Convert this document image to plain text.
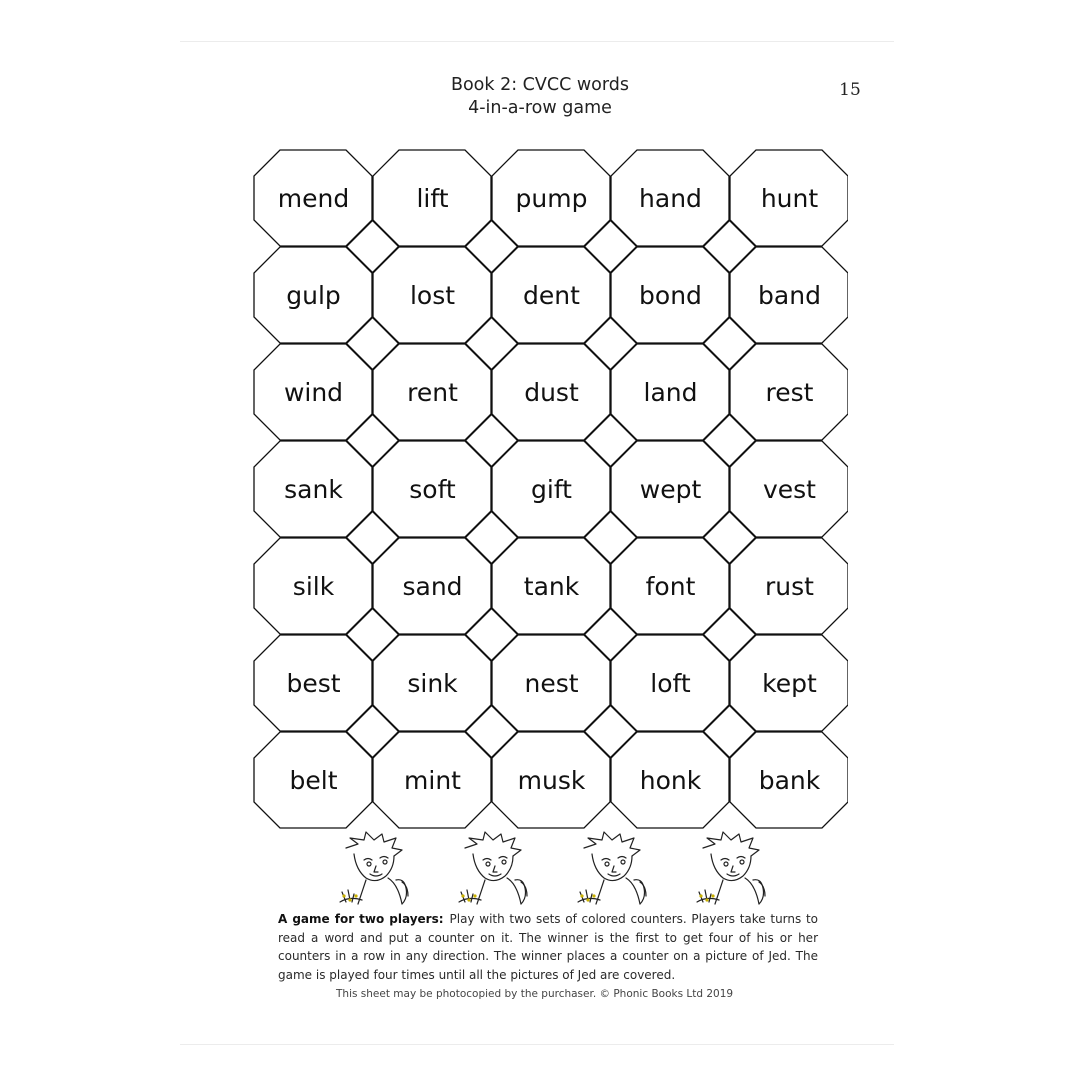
Book 2: CVCC words
4-in-a-row game
15
mend	lift	pump	hand	hunt
gulp	lost	dent	bond	band
wind	rent	dust	land	rest
sank	soft	gift	wept	vest
silk	sand	tank	font	rust
best	sink	nest	loft	kept
belt	mint	musk	honk	bank
A game for two players: Play with two sets of colored counters. Players take turns to read a word and put a counter on it. The winner is the first to get four of his or her counters in a row in any direction. The winner places a counter on a picture of Jed. The game is played four times until all the pictures of Jed are covered.
This sheet may be photocopied by the purchaser. © Phonic Books Ltd 2019
